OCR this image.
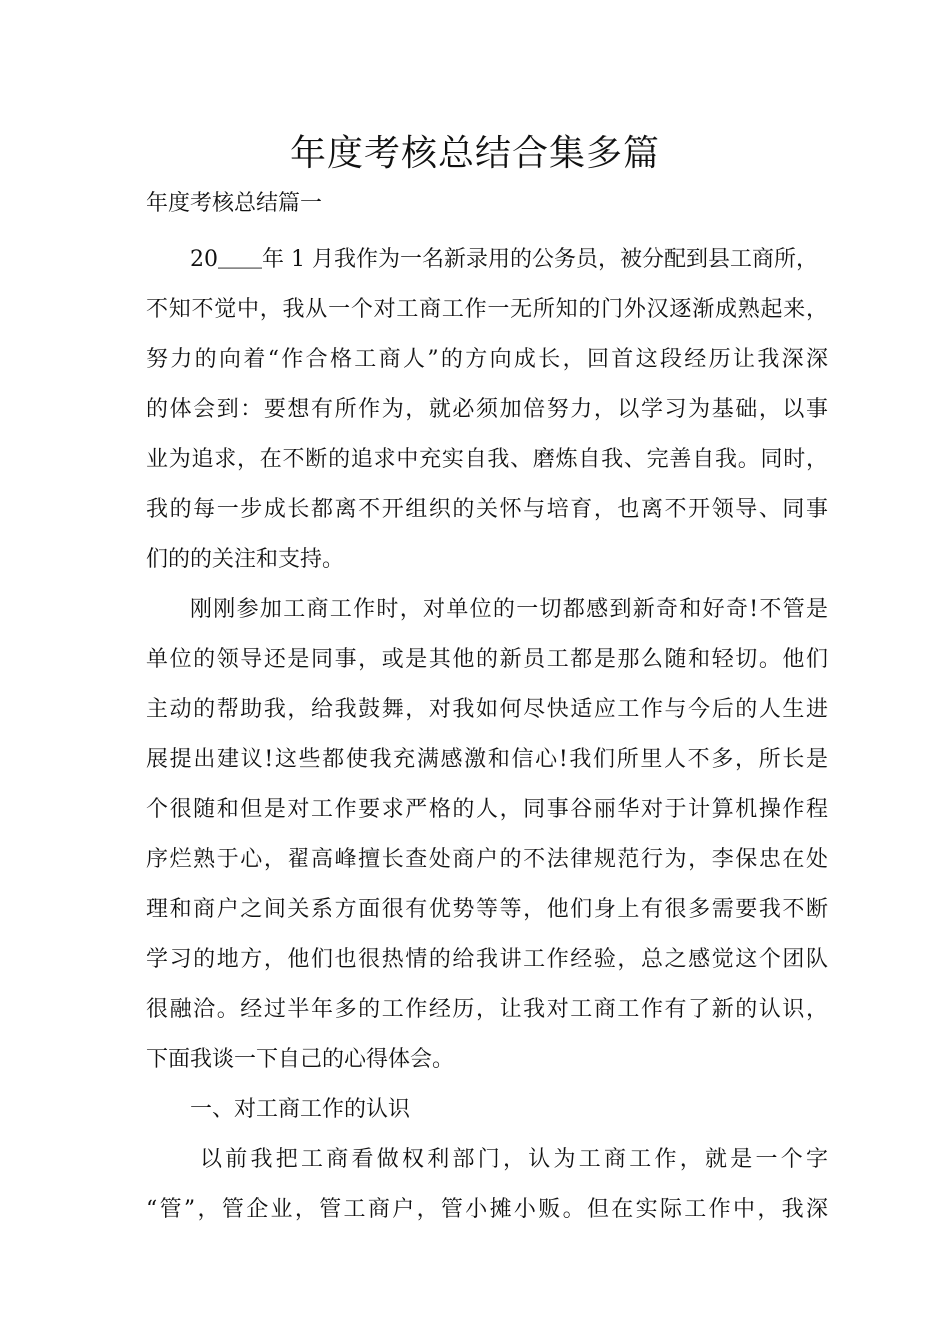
年度考核总结合集多篇

年度考核总结篇一

20＿＿年 1 月我作为一名新录用的公务员，被分配到县工商所，

不知不觉中，我从一个对工商工作一无所知的门外汉逐渐成熟起来，

努力的向着“作合格工商人”的方向成长，回首这段经历让我深深

的体会到：要想有所作为，就必须加倍努力，以学习为基础，以事

业为追求，在不断的追求中充实自我、磨炼自我、完善自我。同时，

我的每一步成长都离不开组织的关怀与培育，也离不开领导、同事

们的的关注和支持。

刚刚参加工商工作时，对单位的一切都感到新奇和好奇!不管是

单位的领导还是同事，或是其他的新员工都是那么随和轻切。他们

主动的帮助我，给我鼓舞，对我如何尽快适应工作与今后的人生进

展提出建议!这些都使我充满感激和信心!我们所里人不多，所长是

个很随和但是对工作要求严格的人，同事谷丽华对于计算机操作程

序烂熟于心，翟高峰擅长查处商户的不法律规范行为，李保忠在处

理和商户之间关系方面很有优势等等，他们身上有很多需要我不断

学习的地方，他们也很热情的给我讲工作经验，总之感觉这个团队

很融洽。经过半年多的工作经历，让我对工商工作有了新的认识，

下面我谈一下自己的心得体会。

一、对工商工作的认识

以前我把工商看做权利部门，认为工商工作，就是一个字

“管”，管企业，管工商户，管小摊小贩。但在实际工作中，我深
